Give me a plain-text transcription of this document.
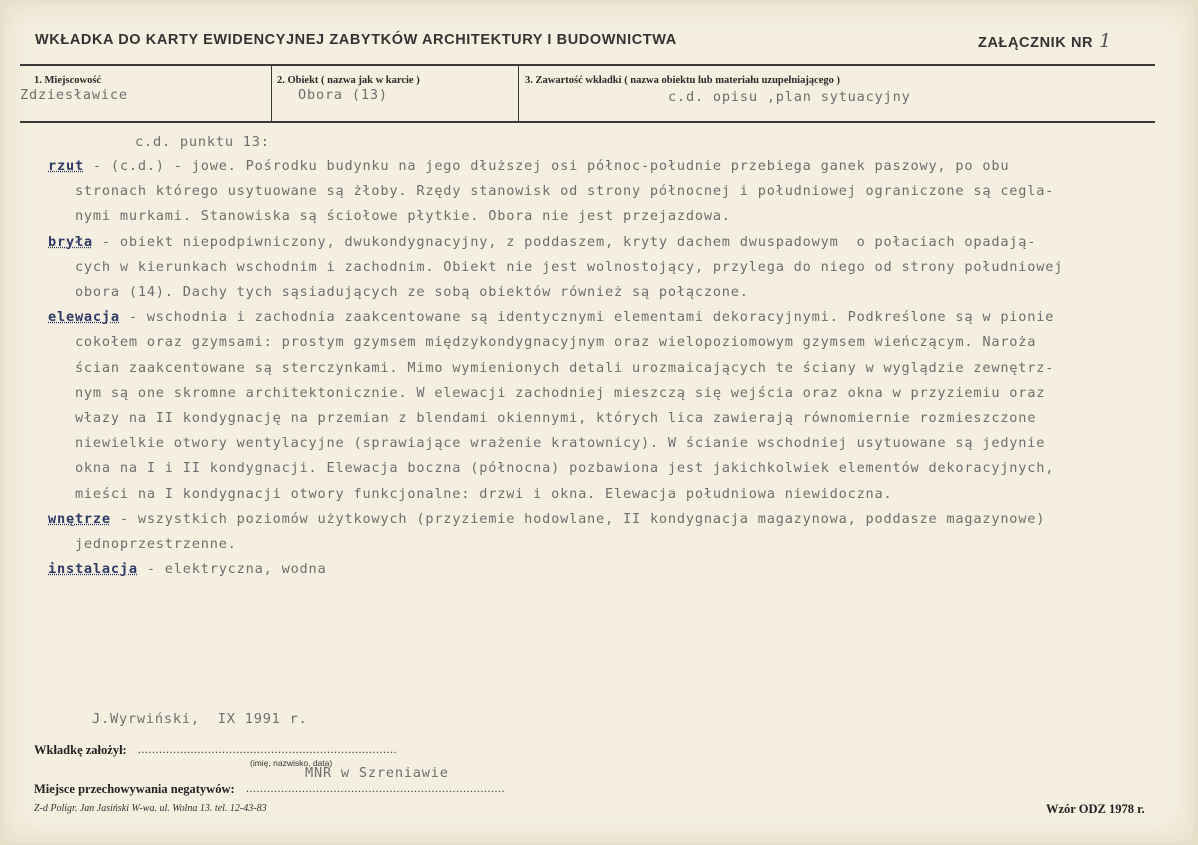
WKŁADKA DO KARTY EWIDENCYJNEJ ZABYTKÓW ARCHITEKTURY I BUDOWNICTWA	ZAŁĄCZNIK NR 1
1. Miejscowość
Zdziesławice
2. Obiekt ( nazwa jak w karcie )
Obora (13)
3. Zawartość wkładki ( nazwa obiektu lub materiału uzupełniającego )
c.d. opisu ,plan sytuacyjny
c.d. punktu 13:
rzut - (c.d.) - jowe. Pośrodku budynku na jego dłuższej osi północ-południe przebiega ganek paszowy, po obu
stronach którego usytuowane są żłoby. Rzędy stanowisk od strony północnej i południowej ograniczone są cegla-
nymi murkami. Stanowiska są ściołowe płytkie. Obora nie jest przejazdowa.
bryła - obiekt niepodpiwniczony, dwukondygnacyjny, z poddaszem, kryty dachem dwuspadowym  o połaciach opadają-
cych w kierunkach wschodnim i zachodnim. Obiekt nie jest wolnostojący, przylega do niego od strony południowej
obora (14). Dachy tych sąsiadujących ze sobą obiektów również są połączone.
elewacja - wschodnia i zachodnia zaakcentowane są identycznymi elementami dekoracyjnymi. Podkreślone są w pionie
cokołem oraz gzymsami: prostym gzymsem międzykondygnacyjnym oraz wielopoziomowym gzymsem wieńczącym. Naroża
ścian zaakcentowane są sterczynkami. Mimo wymienionych detali urozmaicających te ściany w wyglądzie zewnętrz-
nym są one skromne architektonicznie. W elewacji zachodniej mieszczą się wejścia oraz okna w przyziemiu oraz
włazy na II kondygnację na przemian z blendami okiennymi, których lica zawierają równomiernie rozmieszczone
niewielkie otwory wentylacyjne (sprawiające wrażenie kratownicy). W ścianie wschodniej usytuowane są jedynie
okna na I i II kondygnacji. Elewacja boczna (północna) pozbawiona jest jakichkolwiek elementów dekoracyjnych,
mieści na I kondygnacji otwory funkcjonalne: drzwi i okna. Elewacja południowa niewidoczna.
wnętrze - wszystkich poziomów użytkowych (przyziemie hodowlane, II kondygnacja magazynowa, poddasze magazynowe)
jednoprzestrzenne.
instalacja - elektryczna, wodna
J.Wyrwiński,  IX 1991 r.
Wkładkę założył: ..........................................................................
(imię, nazwisko, data)
MNR w Szreniawie
Miejsce przechowywania negatywów: ..........................................................................
Z-d Poligr. Jan Jasiński W-wa. ul. Wolna 13. tel. 12-43-83	Wzór ODZ 1978 r.
